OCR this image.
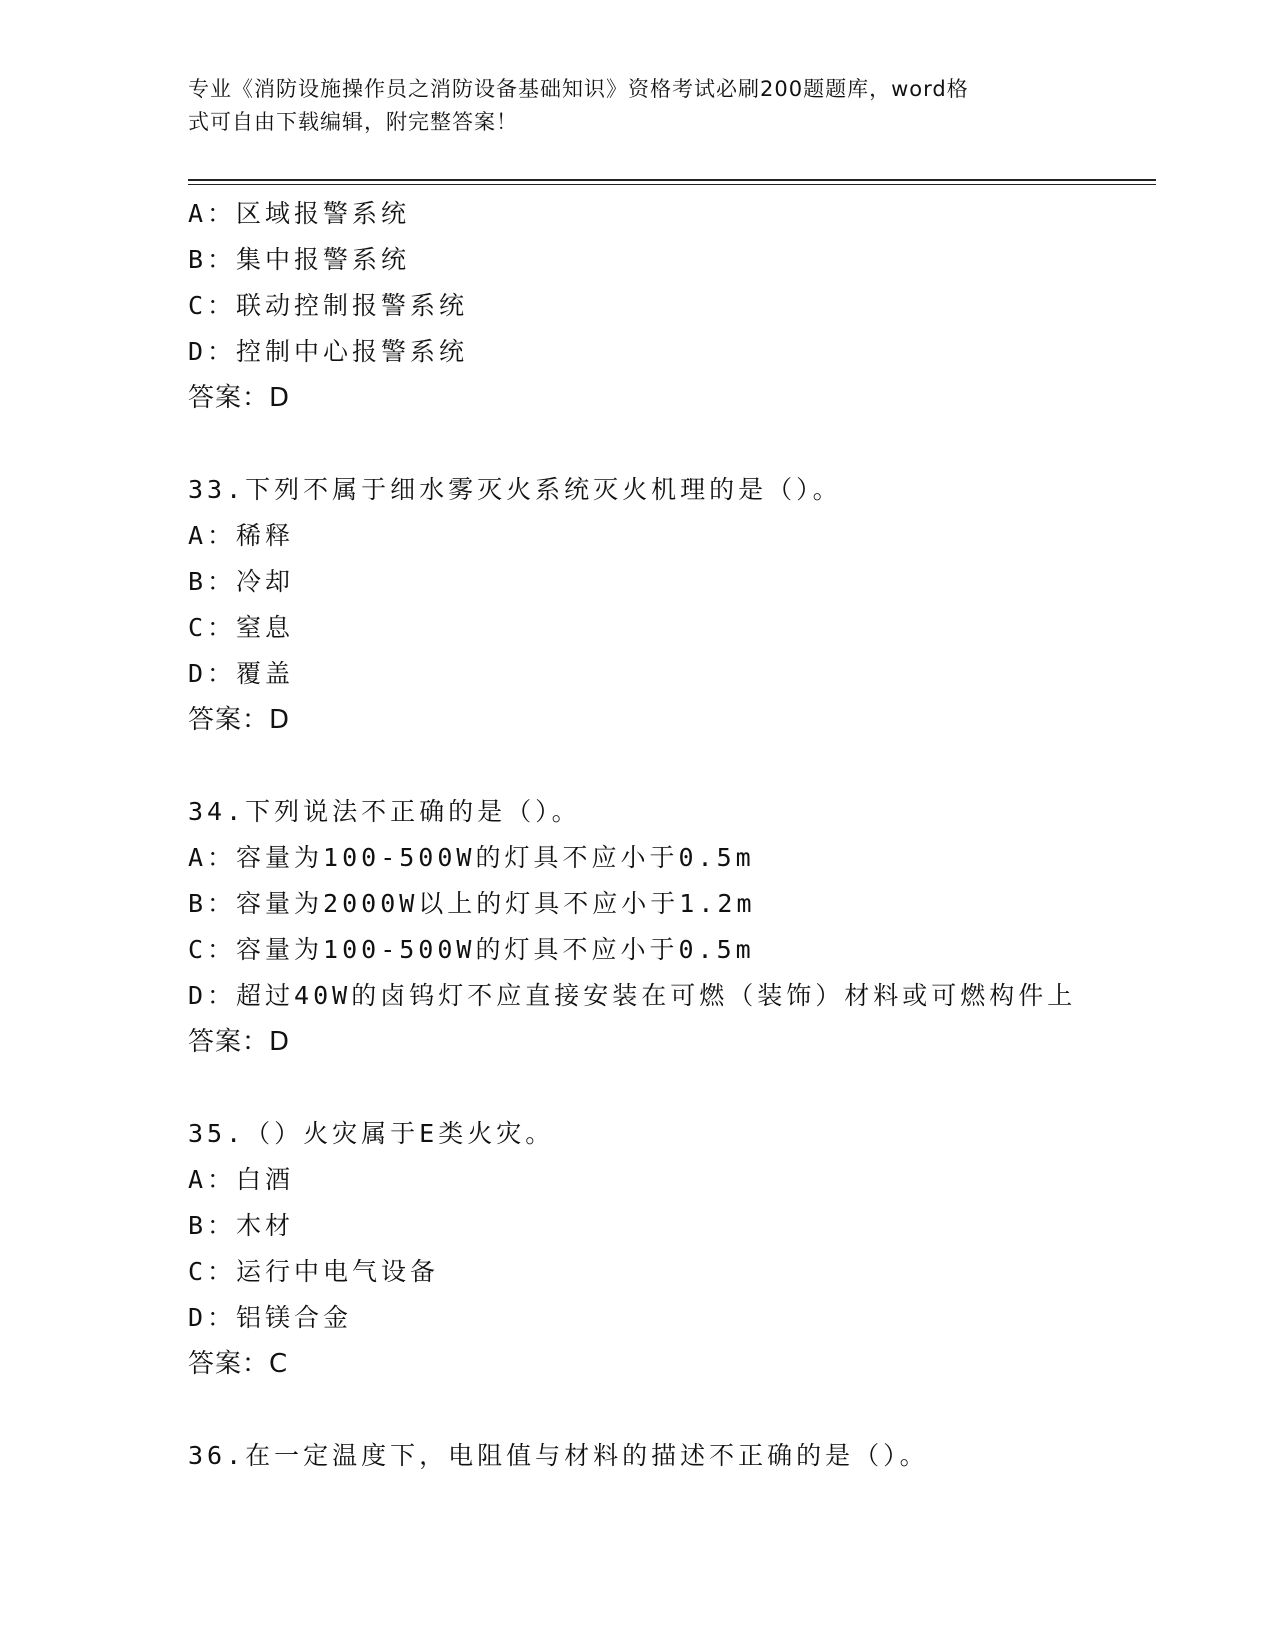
专业《消防设施操作员之消防设备基础知识》资格考试必刷200题题库，word格
式可自由下载编辑，附完整答案！
A：区域报警系统
B：集中报警系统
C：联动控制报警系统
D：控制中心报警系统
答案：D
33.下列不属于细水雾灭火系统灭火机理的是（）。
A：稀释
B：冷却
C：窒息
D：覆盖
答案：D
34.下列说法不正确的是（）。
A：容量为100-500W的灯具不应小于0.5m
B：容量为2000W以上的灯具不应小于1.2m
C：容量为100-500W的灯具不应小于0.5m
D：超过40W的卤钨灯不应直接安装在可燃（装饰）材料或可燃构件上
答案：D
35.（）火灾属于E类火灾。
A：白酒
B：木材
C：运行中电气设备
D：铝镁合金
答案：C
36.在一定温度下，电阻值与材料的描述不正确的是（）。
